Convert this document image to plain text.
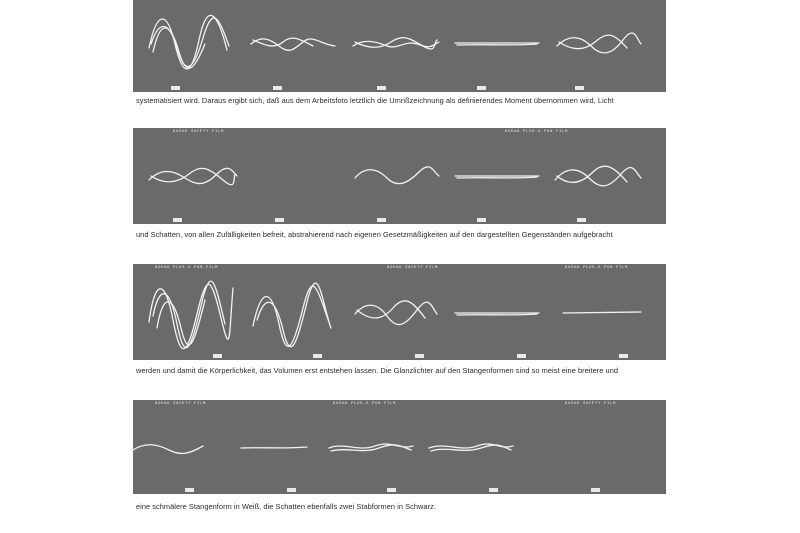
systematisiert wird. Daraus ergibt sich, daß aus dem Arbeitsfoto letztlich die Umrißzeichnung als definierendes Moment übernommen wird, Licht
KODAK SAFETY FILM	KODAK PLUS-X PAN FILM
und Schatten, von allen Zufälligkeiten befreit, abstrahierend nach eigenen Gesetzmäßigkeiten auf den dargestellten Gegenständen aufgebracht
KODAK PLUS-X PAN FILM	KODAK SAFETY FILM	KODAK PLUS-X PAN FILM
werden und damit die Körperlichkeit, das Volumen erst entstehen lassen. Die Glanzlichter auf den Stangenformen sind so meist eine breitere und
KODAK SAFETY FILM	KODAK PLUS-X PAN FILM	KODAK SAFETY FILM
eine schmälere Stangenform in Weiß, die Schatten ebenfalls zwei Stabformen in Schwarz.
